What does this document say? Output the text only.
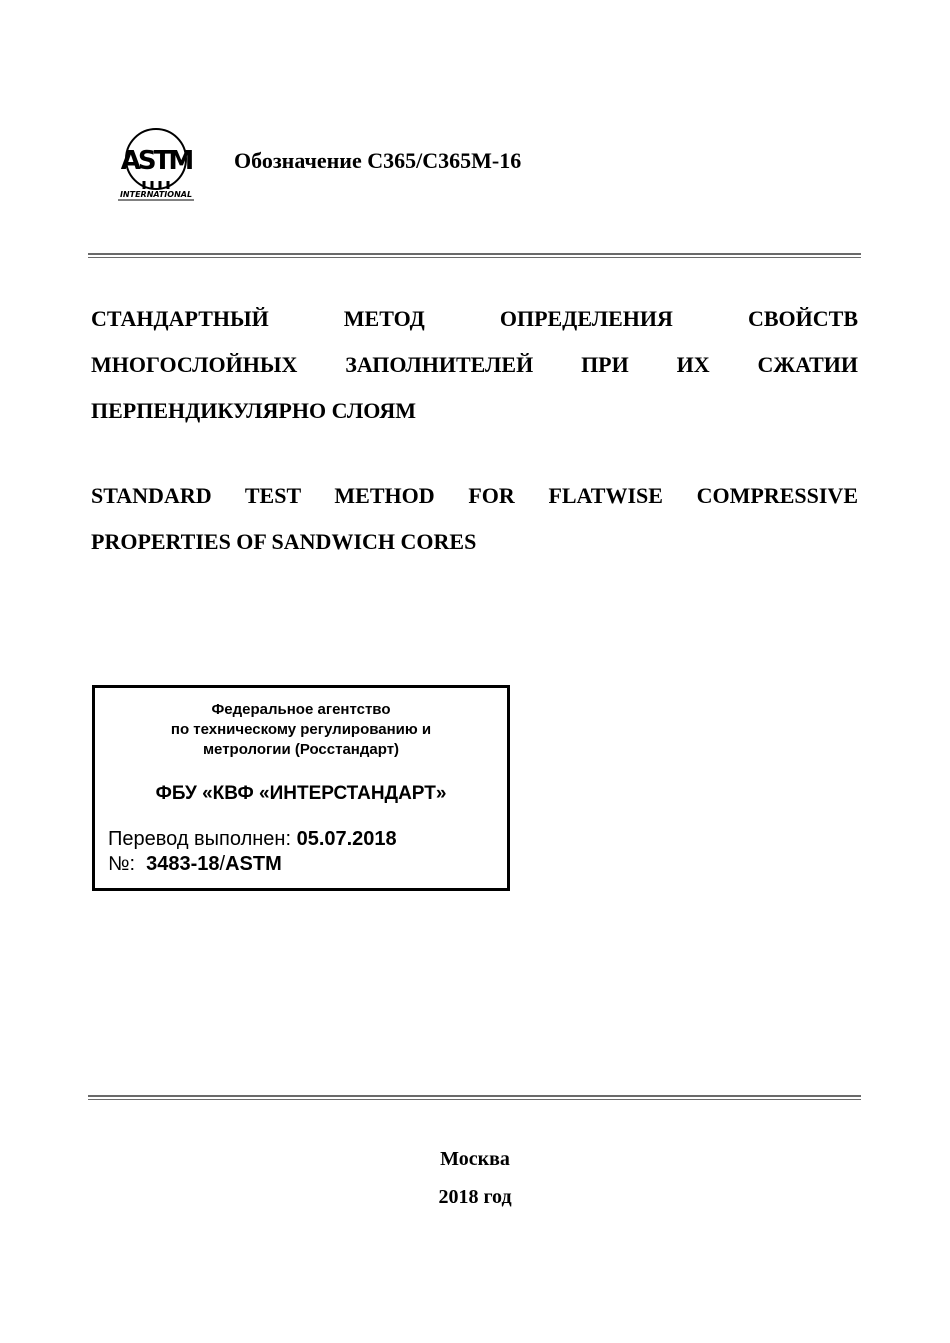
ASTM
INTERNATIONAL
Обозначение C365/C365M-16
СТАНДАРТНЫЙ МЕТОД ОПРЕДЕЛЕНИЯ СВОЙСТВ
МНОГОСЛОЙНЫХ ЗАПОЛНИТЕЛЕЙ ПРИ ИХ СЖАТИИ
ПЕРПЕНДИКУЛЯРНО СЛОЯМ
STANDARD TEST METHOD FOR FLATWISE COMPRESSIVE
PROPERTIES OF SANDWICH CORES
Федеральное агентство
по техническому регулированию и
метрологии (Росстандарт)
ФБУ «КВФ «ИНТЕРСТАНДАРТ»
Перевод выполнен: 05.07.2018
№: 3483-18/ASTM
Москва
2018 год
